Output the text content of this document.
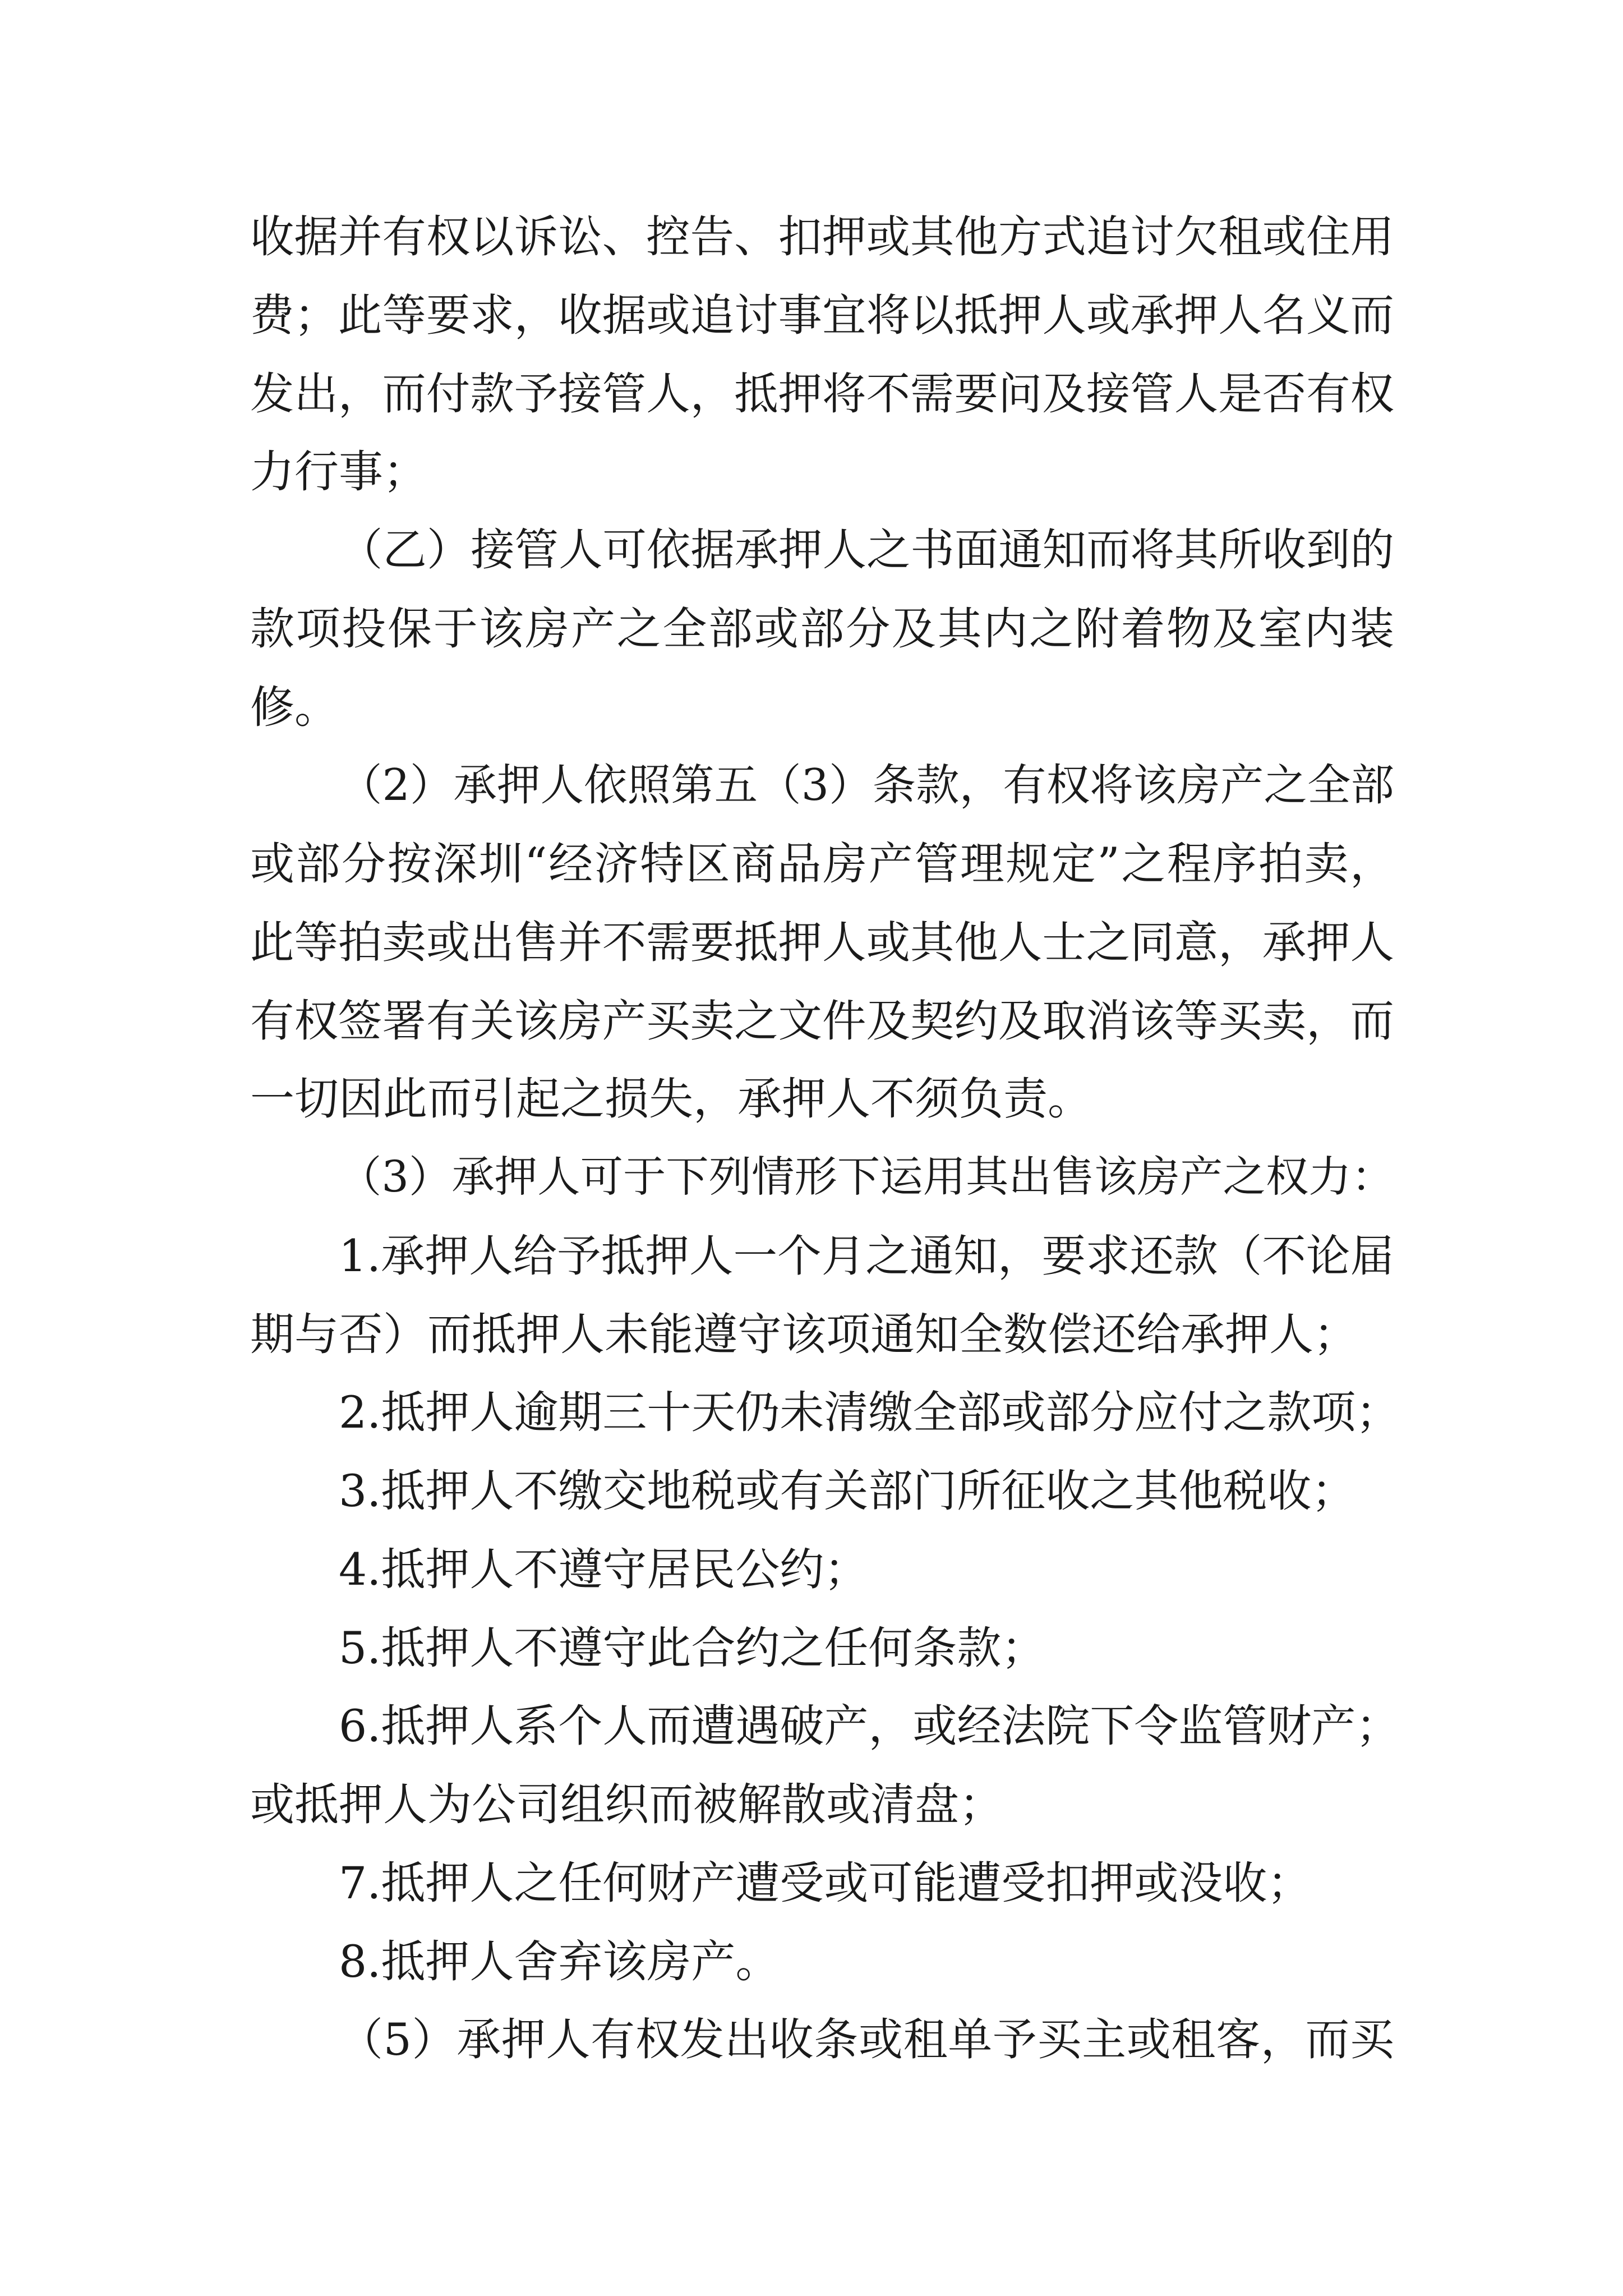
收据并有权以诉讼、控告、扣押或其他方式追讨欠租或住用
费；此等要求，收据或追讨事宜将以抵押人或承押人名义而
发出，而付款予接管人，抵押将不需要问及接管人是否有权
力行事；
（乙）接管人可依据承押人之书面通知而将其所收到的
款项投保于该房产之全部或部分及其内之附着物及室内装
修。
（2）承押人依照第五（3）条款，有权将该房产之全部
或部分按深圳“经济特区商品房产管理规定”之程序拍卖，
此等拍卖或出售并不需要抵押人或其他人士之同意，承押人
有权签署有关该房产买卖之文件及契约及取消该等买卖，而
一切因此而引起之损失，承押人不须负责。
（3）承押人可于下列情形下运用其出售该房产之权力：
1.承押人给予抵押人一个月之通知，要求还款（不论届
期与否）而抵押人未能遵守该项通知全数偿还给承押人；
2.抵押人逾期三十天仍未清缴全部或部分应付之款项；
3.抵押人不缴交地税或有关部门所征收之其他税收；
4.抵押人不遵守居民公约；
5.抵押人不遵守此合约之任何条款；
6.抵押人系个人而遭遇破产，或经法院下令监管财产；
或抵押人为公司组织而被解散或清盘；
7.抵押人之任何财产遭受或可能遭受扣押或没收；
8.抵押人舍弃该房产。
（5）承押人有权发出收条或租单予买主或租客，而买
